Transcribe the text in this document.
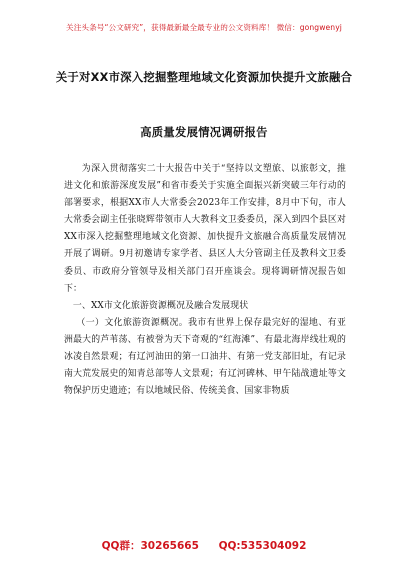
关注头条号“公文研究”，获得最新最全最专业的公文资料库！ 微信：gongwenyj
关于对XX市深入挖掘整理地域文化资源加快提升文旅融合
高质量发展情况调研报告

为深入贯彻落实二十大报告中关于“坚持以文塑旅、以旅彰文，推进文化和旅游深度发展”和省市委关于实施全面振兴新突破三年行动的部署要求，根据XX市人大常委会2023年工作安排，8月中下旬，市人大常委会副主任张晓辉带领市人大教科文卫委委员，深入到四个县区对XX市深入挖掘整理地域文化资源、加快提升文旅融合高质量发展情况开展了调研。9月初邀请专家学者、县区人大分管副主任及教科文卫委委员、市政府分管领导及相关部门召开座谈会。现将调研情况报告如下：

一、XX市文化旅游资源概况及融合发展现状

（一）文化旅游资源概况。我市有世界上保存最完好的湿地、有亚洲最大的芦苇荡、有被誉为天下奇观的“红海滩”、有最北海岸线壮观的冰凌自然景观；有辽河油田的第一口油井、有第一党支部旧址，有记录南大荒发展史的知青总部等人文景观；有辽河碑林、甲午陆战遗址等文物保护历史遗迹；有以地域民俗、传统美食、国家非物质

QQ群：30265665 QQ:535304092
